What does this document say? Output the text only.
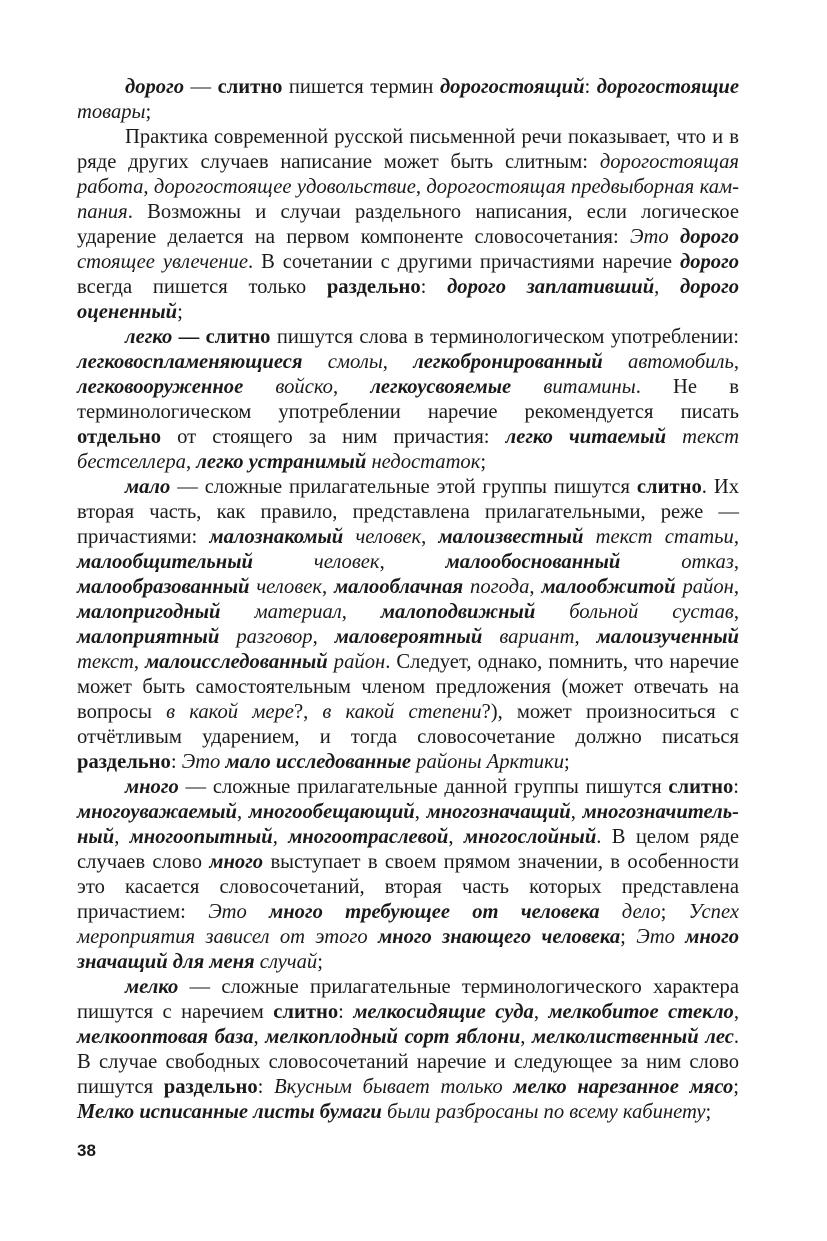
дорого — слитно пишется термин дорогостоящий: дорогостоящие товары;

Практика современной русской письменной речи показывает, что и в ряде других случаев написание может быть слитным: дорогостоящая работа, дорогостоящее удовольствие, дорогостоящая предвыборная кампания. Возможны и случаи раздельного написания, если логическое ударение делается на первом компоненте словосочетания: Это дорого стоящее увлечение. В сочетании с другими причастиями наречие дорого всегда пишется только раздельно: дорого заплативший, дорого оцененный;

легко — слитно пишутся слова в терминологическом употреблении: легковоспламеняющиеся смолы, легкобронированный автомобиль, легковооруженное войско, легкоусвояемые витамины. Не в терминологическом употреблении наречие рекомендуется писать отдельно от стоящего за ним причастия: легко читаемый текст бестселлера, легко устранимый недостаток;

мало — сложные прилагательные этой группы пишутся слитно. Их вторая часть, как правило, представлена прилагательными, реже — причастиями: малознакомый человек, малоизвестный текст статьи, малообщительный человек, малообоснованный отказ, малообразованный человек, малооблачная погода, малообжитой район, малопригодный материал, малоподвижный больной сустав, малоприятный разговор, маловероятный вариант, малоизученный текст, малоисследованный район. Следует, однако, помнить, что наречие может быть самостоятельным членом предложения (может отвечать на вопросы в какой мере?, в какой степени?), может произноситься с отчётливым ударением, и тогда словосочетание должно писаться раздельно: Это мало исследованные районы Арктики;

много — сложные прилагательные данной группы пишутся слитно: многоуважаемый, многообещающий, многозначащий, многозначительный, многоопытный, многоотраслевой, многослойный. В целом ряде случаев слово много выступает в своем прямом значении, в особенности это касается словосочетаний, вторая часть которых представлена причастием: Это много требующее от человека дело; Успех мероприятия зависел от этого много знающего человека; Это много значащий для меня случай;

мелко — сложные прилагательные терминологического характера пишутся с наречием слитно: мелкосидящие суда, мелкобитое стекло, мелкооптовая база, мелкоплодный сорт яблони, мелколиственный лес. В случае свободных словосочетаний наречие и следующее за ним слово пишутся раздельно: Вкусным бывает только мелко нарезанное мясо; Мелко исписанные листы бумаги были разбросаны по всему кабинету;

38
